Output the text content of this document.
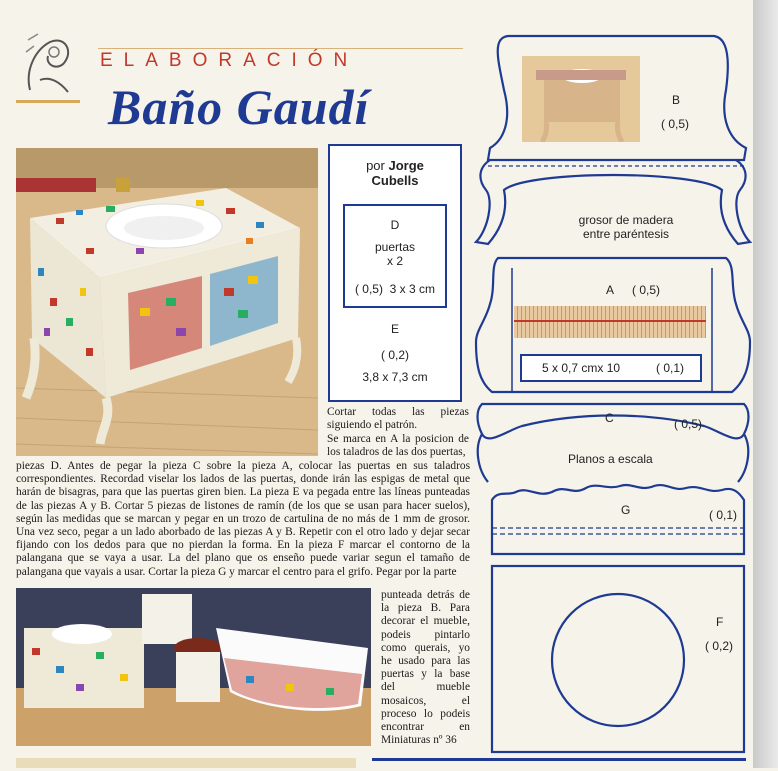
ELABORACIÓN
Baño Gaudí
por Jorge
Cubells
D
puertas
x 2
( 0,5) 3 x 3 cm
E
( 0,2)
3,8 x 7,3 cm
Cortar todas las piezas siguiendo el patrón.
Se marca en A la posicion de los taladros de las dos puertas,
piezas D. Antes de pegar la pieza C sobre la pieza A, colocar las puertas en sus taladros correspondientes. Recordad viselar los lados de las puertas, donde irán las espigas de metal que harán de bisagras, para que las puertas giren bien. La pieza E va pegada entre las líneas punteadas de las piezas A y B. Cortar 5 piezas de listones de ramín (de los que se usan para hacer suelos), según las medidas que se marcan y pegar en un trozo de cartulina de no más de 1 mm de grosor. Una vez seco, pegar a un lado aborbado de las piezas A y B. Repetir con el otro lado y dejar secar fijando con los dedos para que no pierdan la forma. En la pieza F marcar el contorno de la palangana que se vaya a usar. La del plano que os enseño puede variar segun el tamaño de palangana que vayais a usar. Cortar la pieza G y marcar el centro para el grifo. Pegar por la parte
punteada detrás de la pieza B. Para decorar el mueble, podeis pintarlo como querais, yo he usado para las puertas y la base del mueble mosaicos, el proceso lo podeis encontrar en Miniaturas nº 36
B
( 0,5)
grosor de madera
entre paréntesis
A ( 0,5)
5 x 0,7 cmx 10	( 0,1)
C	( 0,5)
Planos a escala
G	( 0,1)
F
( 0,2)
